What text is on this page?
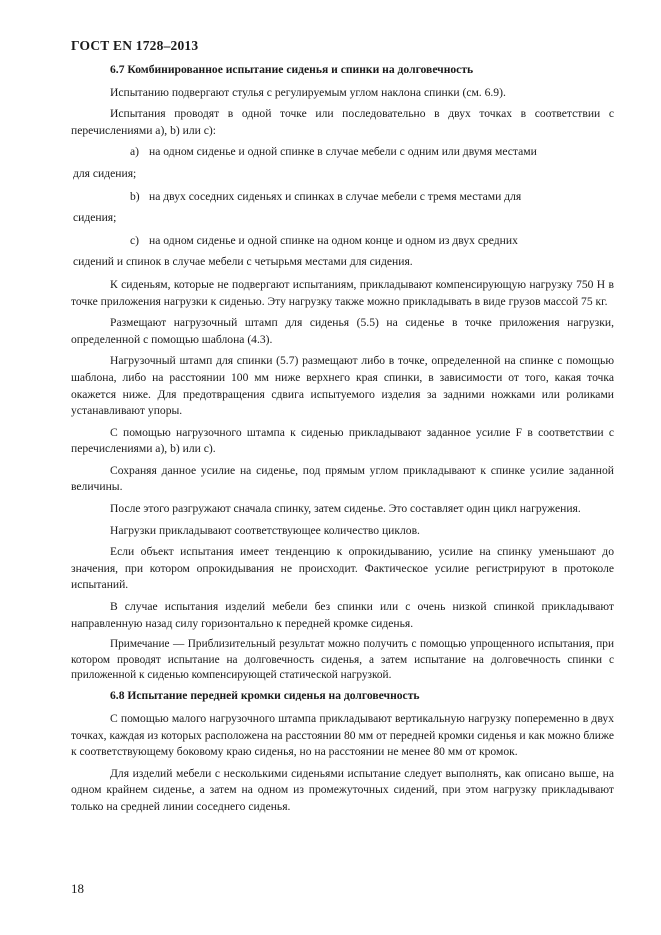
ГОСТ EN 1728–2013

6.7 Комбинированное испытание сиденья и спинки на долговечность

Испытанию подвергают стулья с регулируемым углом наклона спинки (см. 6.9).

Испытания проводят в одной точке или последовательно в двух точках в соответствии с перечислениями а), b) или с):

a) на одном сиденье и одной спинке в случае мебели с одним или двумя местами

для сидения;

b) на двух соседних сиденьях и спинках в случае мебели с тремя местами для

сидения;

c) на одном сиденье и одной спинке на одном конце и одном из двух средних

сидений и спинок в случае мебели с четырьмя местами для сидения.

К сиденьям, которые не подвергают испытаниям, прикладывают компенсирующую нагрузку 750 Н в точке приложения нагрузки к сиденью. Эту нагрузку также можно прикладывать в виде грузов массой 75 кг.

Размещают нагрузочный штамп для сиденья (5.5) на сиденье в точке приложения нагрузки, определенной с помощью шаблона (4.3).

Нагрузочный штамп для спинки (5.7) размещают либо в точке, определенной на спинке с помощью шаблона, либо на расстоянии 100 мм ниже верхнего края спинки, в зависимости от того, какая точка окажется ниже. Для предотвращения сдвига испытуемого изделия за задними ножками или роликами устанавливают упоры.

С помощью нагрузочного штампа к сиденью прикладывают заданное усилие F в соответствии с перечислениями а), b) или с).

Сохраняя данное усилие на сиденье, под прямым углом прикладывают к спинке усилие заданной величины.

После этого разгружают сначала спинку, затем сиденье. Это составляет один цикл нагружения.

Нагрузки прикладывают соответствующее количество циклов.

Если объект испытания имеет тенденцию к опрокидыванию, усилие на спинку уменьшают до значения, при котором опрокидывания не происходит. Фактическое усилие регистрируют в протоколе испытаний.

В случае испытания изделий мебели без спинки или с очень низкой спинкой прикладывают направленную назад силу горизонтально к передней кромке сиденья.

Примечание — Приблизительный результат можно получить с помощью упрощенного испытания, при котором проводят испытание на долговечность сиденья, а затем испытание на долговечность спинки с приложенной к сиденью компенсирующей статической нагрузкой.

6.8 Испытание передней кромки сиденья на долговечность

С помощью малого нагрузочного штампа прикладывают вертикальную нагрузку попеременно в двух точках, каждая из которых расположена на расстоянии 80 мм от передней кромки сиденья и как можно ближе к соответствующему боковому краю сиденья, но на расстоянии не менее 80 мм от кромок.

Для изделий мебели с несколькими сиденьями испытание следует выполнять, как описано выше, на одном крайнем сиденье, а затем на одном из промежуточных сидений, при этом нагрузку прикладывают только на средней линии соседнего сиденья.

18
